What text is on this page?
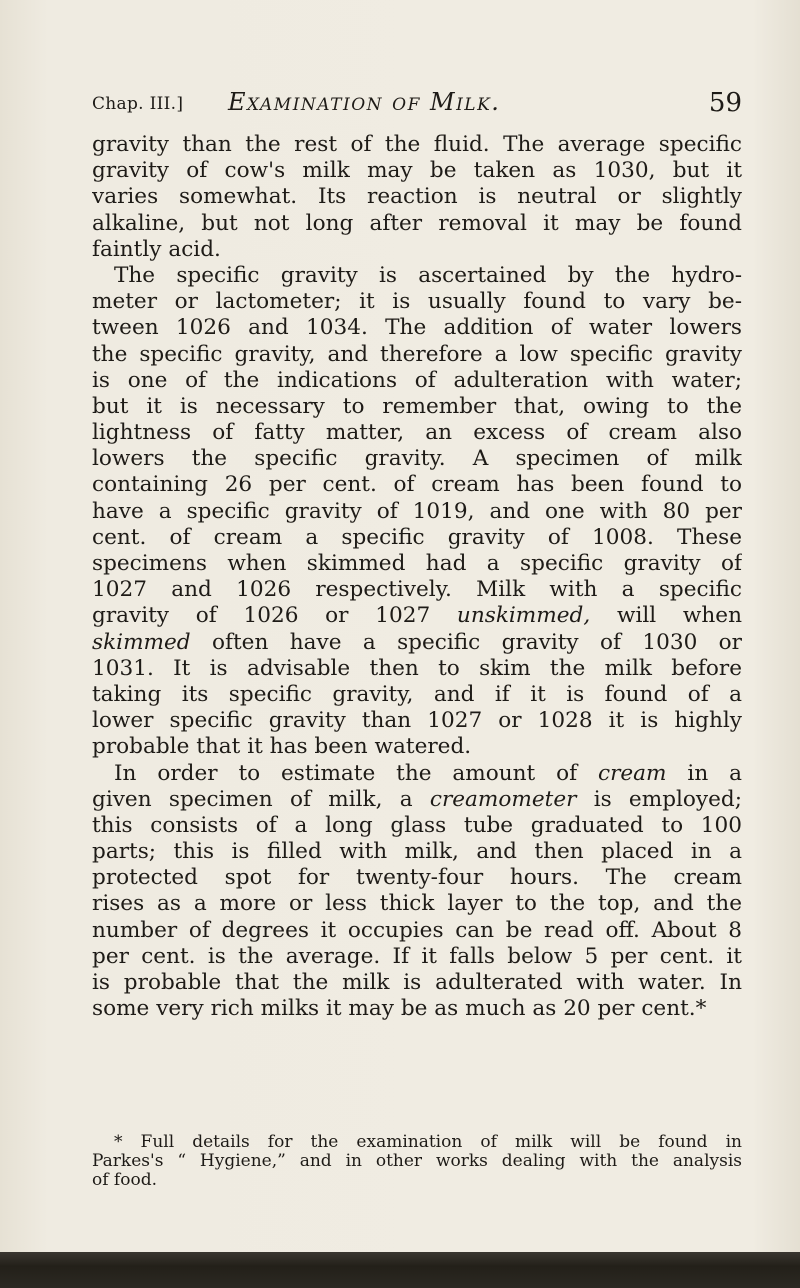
Chap. III.] Examination of Milk.	59
gravity than the rest of the fluid. The average specific
gravity of cow's milk may be taken as 1030, but it
varies somewhat. Its reaction is neutral or slightly
alkaline, but not long after removal it may be found
faintly acid.
The specific gravity is ascertained by the hydro-
meter or lactometer; it is usually found to vary be-
tween 1026 and 1034. The addition of water lowers
the specific gravity, and therefore a low specific gravity
is one of the indications of adulteration with water;
but it is necessary to remember that, owing to the
lightness of fatty matter, an excess of cream also
lowers the specific gravity. A specimen of milk
containing 26 per cent. of cream has been found to
have a specific gravity of 1019, and one with 80 per
cent. of cream a specific gravity of 1008. These
specimens when skimmed had a specific gravity of
1027 and 1026 respectively. Milk with a specific
gravity of 1026 or 1027 unskimmed, will when
skimmed often have a specific gravity of 1030 or
1031. It is advisable then to skim the milk before
taking its specific gravity, and if it is found of a
lower specific gravity than 1027 or 1028 it is highly
probable that it has been watered.
In order to estimate the amount of cream in a
given specimen of milk, a creamometer is employed;
this consists of a long glass tube graduated to 100
parts; this is filled with milk, and then placed in a
protected spot for twenty-four hours. The cream
rises as a more or less thick layer to the top, and the
number of degrees it occupies can be read off. About 8
per cent. is the average. If it falls below 5 per cent. it
is probable that the milk is adulterated with water. In
some very rich milks it may be as much as 20 per cent.*
* Full details for the examination of milk will be found in
Parkes's “ Hygiene,” and in other works dealing with the analysis
of food.
